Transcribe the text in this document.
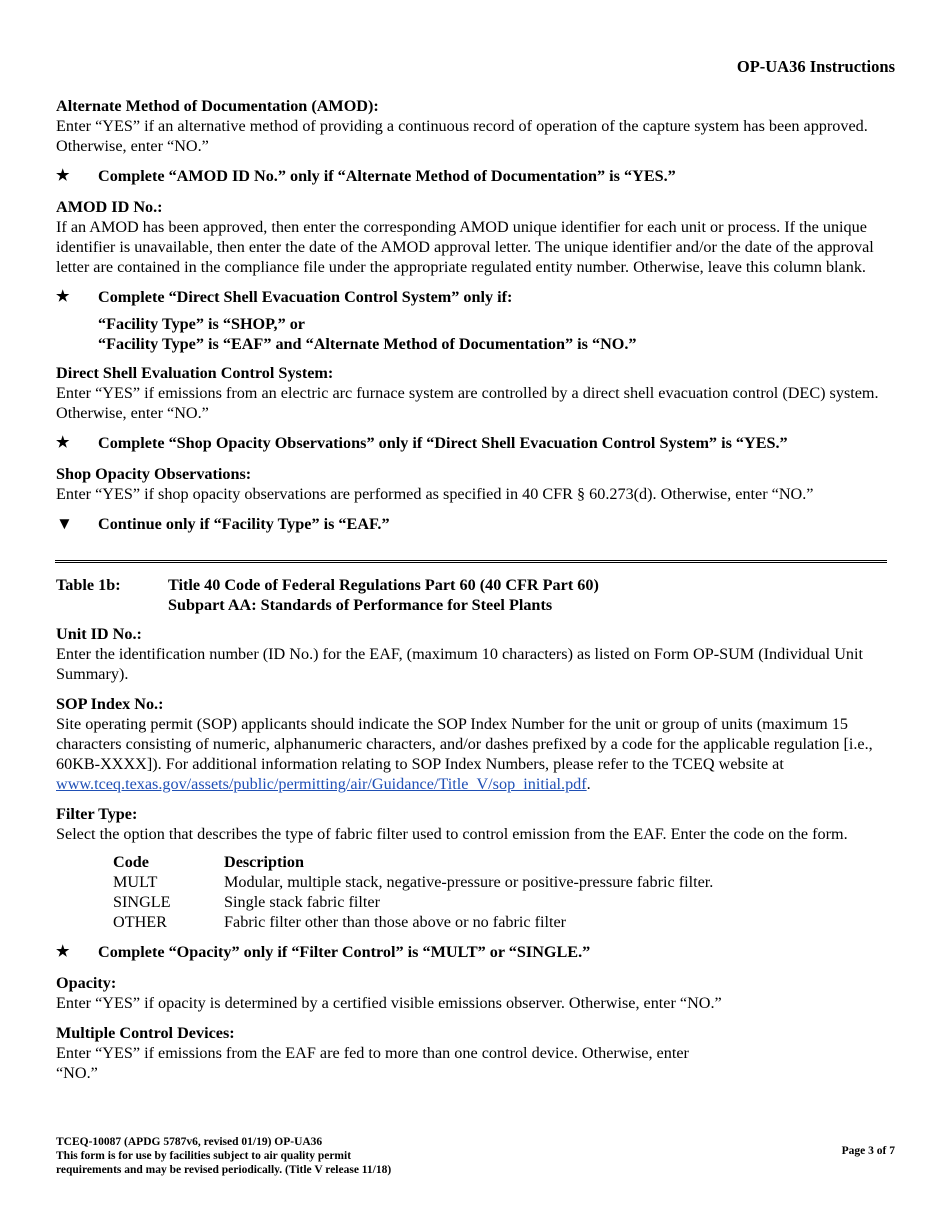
OP-UA36 Instructions

Alternate Method of Documentation (AMOD):

Enter “YES” if an alternative method of providing a continuous record of operation of the capture system has been approved. Otherwise, enter “NO.”

★	Complete “AMOD ID No.” only if “Alternate Method of Documentation” is “YES.”

AMOD ID No.:

If an AMOD has been approved, then enter the corresponding AMOD unique identifier for each unit or process. If the unique identifier is unavailable, then enter the date of the AMOD approval letter. The unique identifier and/or the date of the approval letter are contained in the compliance file under the appropriate regulated entity number. Otherwise, leave this column blank.

★	Complete “Direct Shell Evacuation Control System” only if:
“Facility Type” is “SHOP,” or
“Facility Type” is “EAF” and “Alternate Method of Documentation” is “NO.”

Direct Shell Evaluation Control System:

Enter “YES” if emissions from an electric arc furnace system are controlled by a direct shell evacuation control (DEC) system. Otherwise, enter “NO.”

★	Complete “Shop Opacity Observations” only if “Direct Shell Evacuation Control System” is “YES.”

Shop Opacity Observations:

Enter “YES” if shop opacity observations are performed as specified in 40 CFR § 60.273(d). Otherwise, enter “NO.”

▼	Continue only if “Facility Type” is “EAF.”
Table 1b:	Title 40 Code of Federal Regulations Part 60 (40 CFR Part 60)
Subpart AA: Standards of Performance for Steel Plants

Unit ID No.:

Enter the identification number (ID No.) for the EAF, (maximum 10 characters) as listed on Form OP-SUM (Individual Unit Summary).

SOP Index No.:

Site operating permit (SOP) applicants should indicate the SOP Index Number for the unit or group of units (maximum 15 characters consisting of numeric, alphanumeric characters, and/or dashes prefixed by a code for the applicable regulation [i.e., 60KB-XXXX]). For additional information relating to SOP Index Numbers, please refer to the TCEQ website at www.tceq.texas.gov/assets/public/permitting/air/Guidance/Title_V/sop_initial.pdf.

Filter Type:

Select the option that describes the type of fabric filter used to control emission from the EAF. Enter the code on the form.

Code	Description
MULT	Modular, multiple stack, negative-pressure or positive-pressure fabric filter.
SINGLE	Single stack fabric filter
OTHER	Fabric filter other than those above or no fabric filter
★	Complete “Opacity” only if “Filter Control” is “MULT” or “SINGLE.”

Opacity:

Enter “YES” if opacity is determined by a certified visible emissions observer. Otherwise, enter “NO.”

Multiple Control Devices:

Enter “YES” if emissions from the EAF are fed to more than one control device. Otherwise, enter

“NO.”

TCEQ-10087 (APDG 5787v6, revised 01/19) OP-UA36
This form is for use by facilities subject to air quality permit
requirements and may be revised periodically. (Title V release 11/18)
Page 3 of 7
